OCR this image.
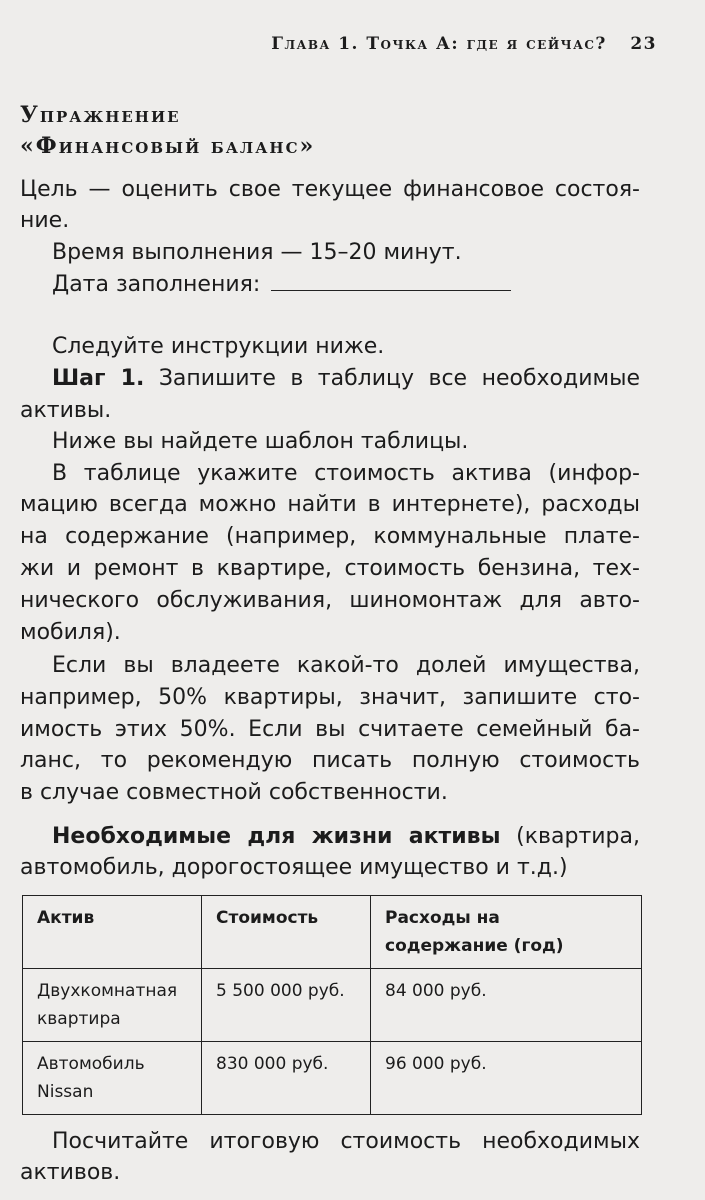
Глава 1. Точка А: где я сейчас? 23
Упражнение
«Финансовый баланс»
Цель — оценить свое текущее финансовое состоя-
ние.
Время выполнения — 15–20 минут.
Дата заполнения:
Следуйте инструкции ниже.
Шаг 1. Запишите в таблицу все необходимые
активы.
Ниже вы найдете шаблон таблицы.
В таблице укажите стоимость актива (инфор-
мацию всегда можно найти в интернете), расходы
на содержание (например, коммунальные плате-
жи и ремонт в квартире, стоимость бензина, тех-
нического обслуживания, шиномонтаж для авто-
мобиля).
Если вы владеете какой-то долей имущества,
например, 50% квартиры, значит, запишите сто-
имость этих 50%. Если вы считаете семейный ба-
ланс, то рекомендую писать полную стоимость
в случае совместной собственности.
Необходимые для жизни активы (квартира,
автомобиль, дорогостоящее имущество и т.д.)
Актив	Стоимость	Расходы на содержание (год)
Двухкомнатная квартира	5 500 000 руб.	84 000 руб.
Автомобиль Nissan	830 000 руб.	96 000 руб.
Посчитайте итоговую стоимость необходимых
активов.
